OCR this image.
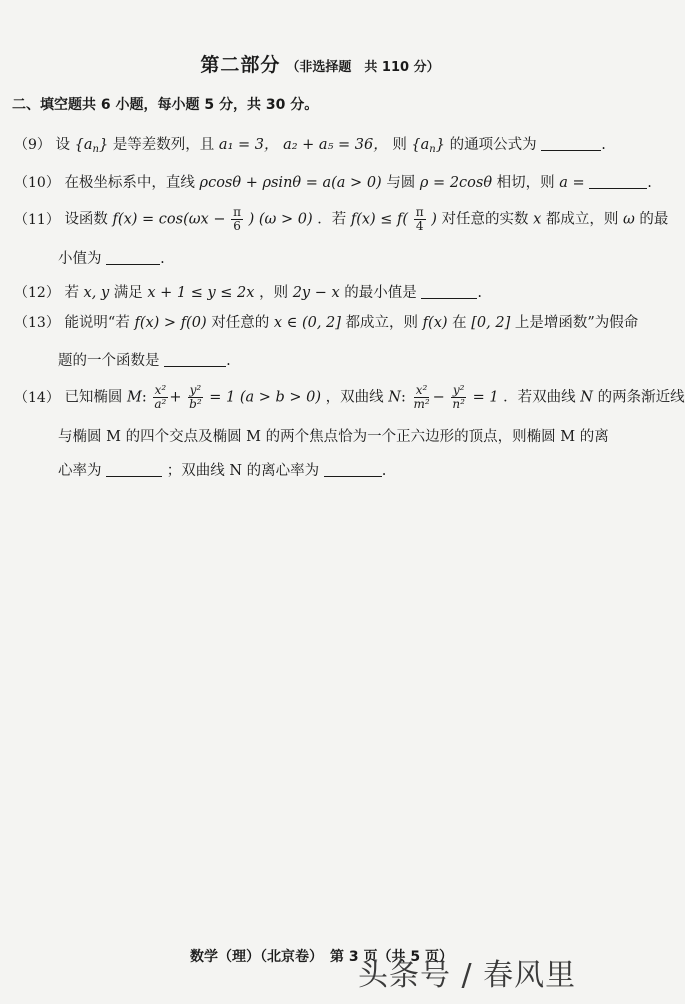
第二部分 （非选择题　共 110 分）
二、填空题共 6 小题，每小题 5 分，共 30 分。
（9） 设 $\{a_n\}$ 是等差数列，且 a₁ = 3， a₂ + a₅ = 36， 则 $\{a_n\}$ 的通项公式为	.
（10） 在极坐标系中，直线 ρcosθ + ρsinθ = a(a > 0) 与圆 ρ = 2cosθ 相切，则 a =	.
（11） 设函数 $f(x) = \cos(\omega x - \frac{\pi}{6}$ ) (ω > 0) ．若 $f(x) \le f( \frac{\pi}{4}$ ) 对任意的实数 x 都成立，则 ω 的最
小值为	.
（12） 若 x, y 满足 x + 1 ≤ y ≤ 2x ，则 2y − x 的最小值是	.
（13） 能说明“若 f(x) > f(0) 对任意的 x ∈ (0, 2] 都成立，则 f(x) 在 [0, 2] 上是增函数”为假命
题的一个函数是	.
（14） 已知椭圆 M: $\frac{\text{x²}}{\text{a²}} + \frac{\text{y²}}{\text{b²}} = 1$ (a > b > 0) ，双曲线 N: $\frac{\text{x²}}{\text{m²}} - \frac{\text{y²}}{\text{n²}} = 1$ ．若双曲线 N 的两条渐近线
与椭圆 M 的四个交点及椭圆 M 的两个焦点恰为一个正六边形的顶点，则椭圆 M 的离
心率为	；双曲线 N 的离心率为	.
数学（理）（北京卷）　第 3 页（共 5 页）
头条号 / 春风里
